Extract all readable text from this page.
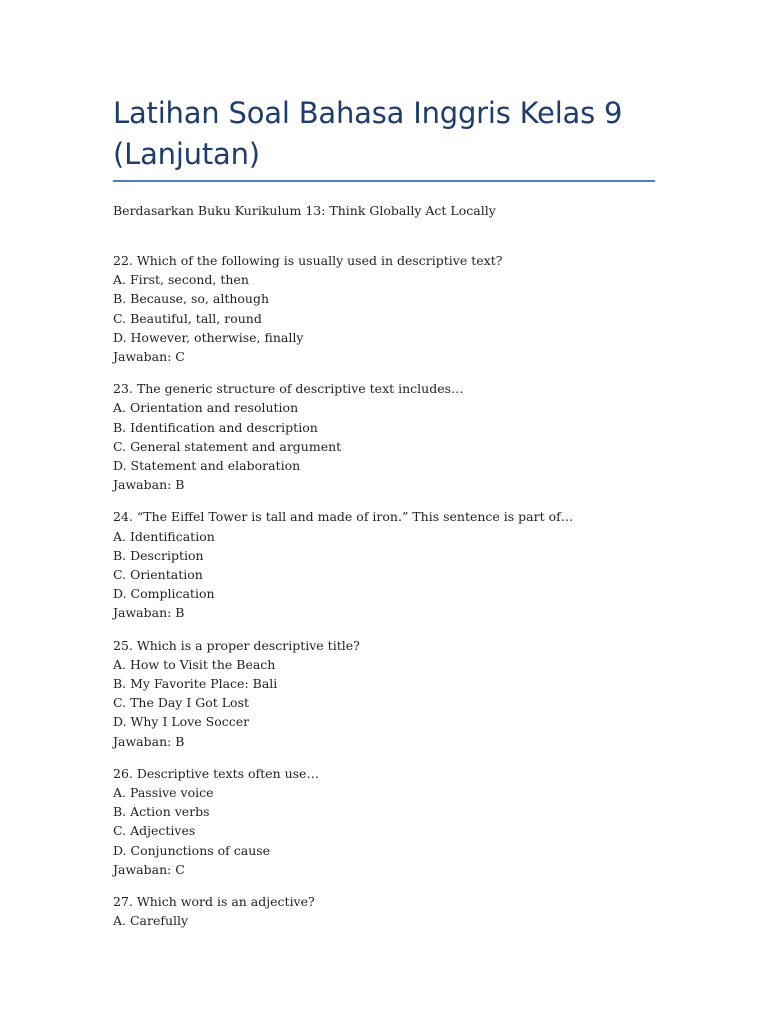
Latihan Soal Bahasa Inggris Kelas 9
(Lanjutan)
Berdasarkan Buku Kurikulum 13: Think Globally Act Locally
22. Which of the following is usually used in descriptive text?
A. First, second, then
B. Because, so, although
C. Beautiful, tall, round
D. However, otherwise, finally
Jawaban: C
23. The generic structure of descriptive text includes…
A. Orientation and resolution
B. Identification and description
C. General statement and argument
D. Statement and elaboration
Jawaban: B
24. “The Eiffel Tower is tall and made of iron.” This sentence is part of…
A. Identification
B. Description
C. Orientation
D. Complication
Jawaban: B
25. Which is a proper descriptive title?
A. How to Visit the Beach
B. My Favorite Place: Bali
C. The Day I Got Lost
D. Why I Love Soccer
Jawaban: B
26. Descriptive texts often use…
A. Passive voice
B. Action verbs
C. Adjectives
D. Conjunctions of cause
Jawaban: C
27. Which word is an adjective?
A. Carefully
